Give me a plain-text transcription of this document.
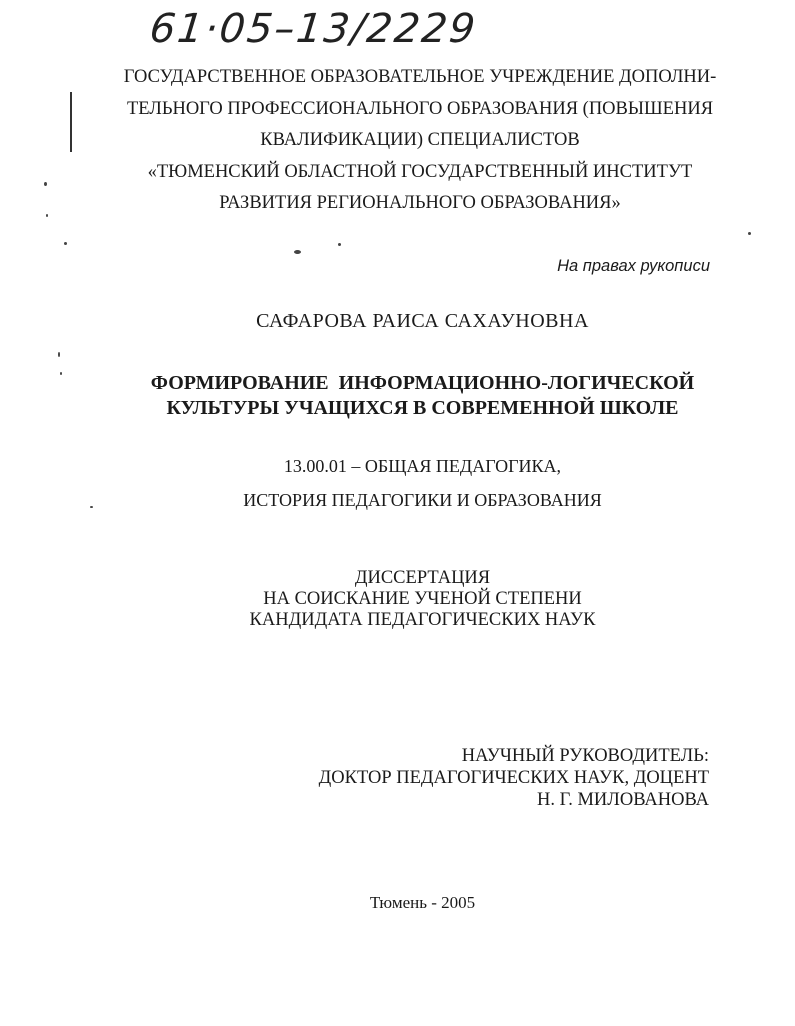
61·05–13/2229
ГОСУДАРСТВЕННОЕ ОБРАЗОВАТЕЛЬНОЕ УЧРЕЖДЕНИЕ ДОПОЛНИ-
ТЕЛЬНОГО ПРОФЕССИОНАЛЬНОГО ОБРАЗОВАНИЯ (ПОВЫШЕНИЯ
КВАЛИФИКАЦИИ) СПЕЦИАЛИСТОВ
«ТЮМЕНСКИЙ ОБЛАСТНОЙ ГОСУДАРСТВЕННЫЙ ИНСТИТУТ
РАЗВИТИЯ РЕГИОНАЛЬНОГО ОБРАЗОВАНИЯ»
На правах рукописи
САФАРОВА РАИСА САХАУНОВНА
ФОРМИРОВАНИЕ  ИНФОРМАЦИОННО-ЛОГИЧЕСКОЙ
КУЛЬТУРЫ УЧАЩИХСЯ В СОВРЕМЕННОЙ ШКОЛЕ
13.00.01 – ОБЩАЯ ПЕДАГОГИКА,
ИСТОРИЯ ПЕДАГОГИКИ И ОБРАЗОВАНИЯ
ДИССЕРТАЦИЯ
НА СОИСКАНИЕ УЧЕНОЙ СТЕПЕНИ
КАНДИДАТА ПЕДАГОГИЧЕСКИХ НАУК
НАУЧНЫЙ РУКОВОДИТЕЛЬ:
ДОКТОР ПЕДАГОГИЧЕСКИХ НАУК, ДОЦЕНТ
Н. Г. МИЛОВАНОВА
Тюмень - 2005
